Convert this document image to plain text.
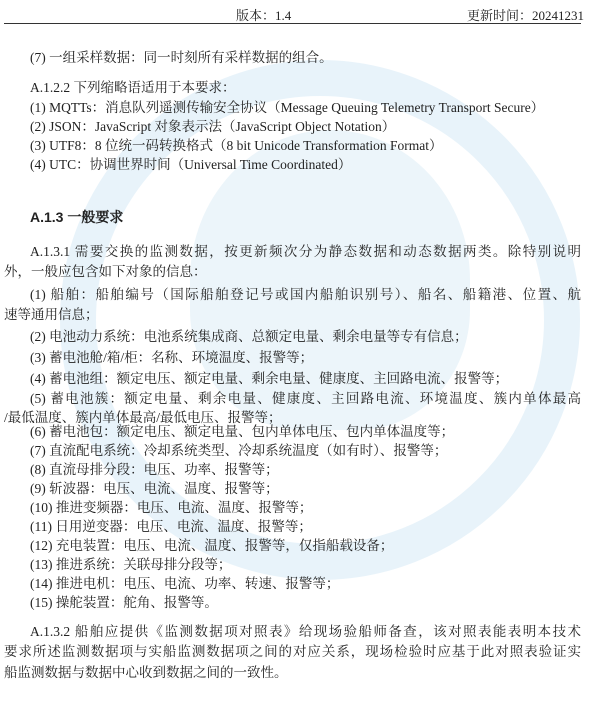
版本：1.4	更新时间：20241231
(7) 一组采样数据：同一时刻所有采样数据的组合。
A.1.2.2 下列缩略语适用于本要求：
(1) MQTTs：消息队列遥测传输安全协议（Message Queuing Telemetry Transport Secure）
(2) JSON：JavaScript 对象表示法（JavaScript Object Notation）
(3) UTF8：8 位统一码转换格式（8 bit Unicode Transformation Format）
(4) UTC：协调世界时间（Universal Time Coordinated）
A.1.3 一般要求
A.1.3.1 需要交换的监测数据，按更新频次分为静态数据和动态数据两类。除特别说明
外，一般应包含如下对象的信息：
(1) 船舶：船舶编号（国际船舶登记号或国内船舶识别号）、船名、船籍港、位置、航
速等通用信息；
(2) 电池动力系统：电池系统集成商、总额定电量、剩余电量等专有信息；
(3) 蓄电池舱/箱/柜：名称、环境温度、报警等；
(4) 蓄电池组：额定电压、额定电量、剩余电量、健康度、主回路电流、报警等；
(5) 蓄电池簇：额定电量、剩余电量、健康度、主回路电流、环境温度、簇内单体最高
/最低温度、簇内单体最高/最低电压、报警等；
(6) 蓄电池包：额定电压、额定电量、包内单体电压、包内单体温度等；
(7) 直流配电系统：冷却系统类型、冷却系统温度（如有时）、报警等；
(8) 直流母排分段：电压、功率、报警等；
(9) 斩波器：电压、电流、温度、报警等；
(10) 推进变频器：电压、电流、温度、报警等；
(11) 日用逆变器：电压、电流、温度、报警等；
(12) 充电装置：电压、电流、温度、报警等，仅指船载设备；
(13) 推进系统：关联母排分段等；
(14) 推进电机：电压、电流、功率、转速、报警等；
(15) 操舵装置：舵角、报警等。
A.1.3.2 船舶应提供《监测数据项对照表》给现场验船师备查，该对照表能表明本技术
要求所述监测数据项与实船监测数据项之间的对应关系，现场检验时应基于此对照表验证实
船监测数据与数据中心收到数据之间的一致性。
